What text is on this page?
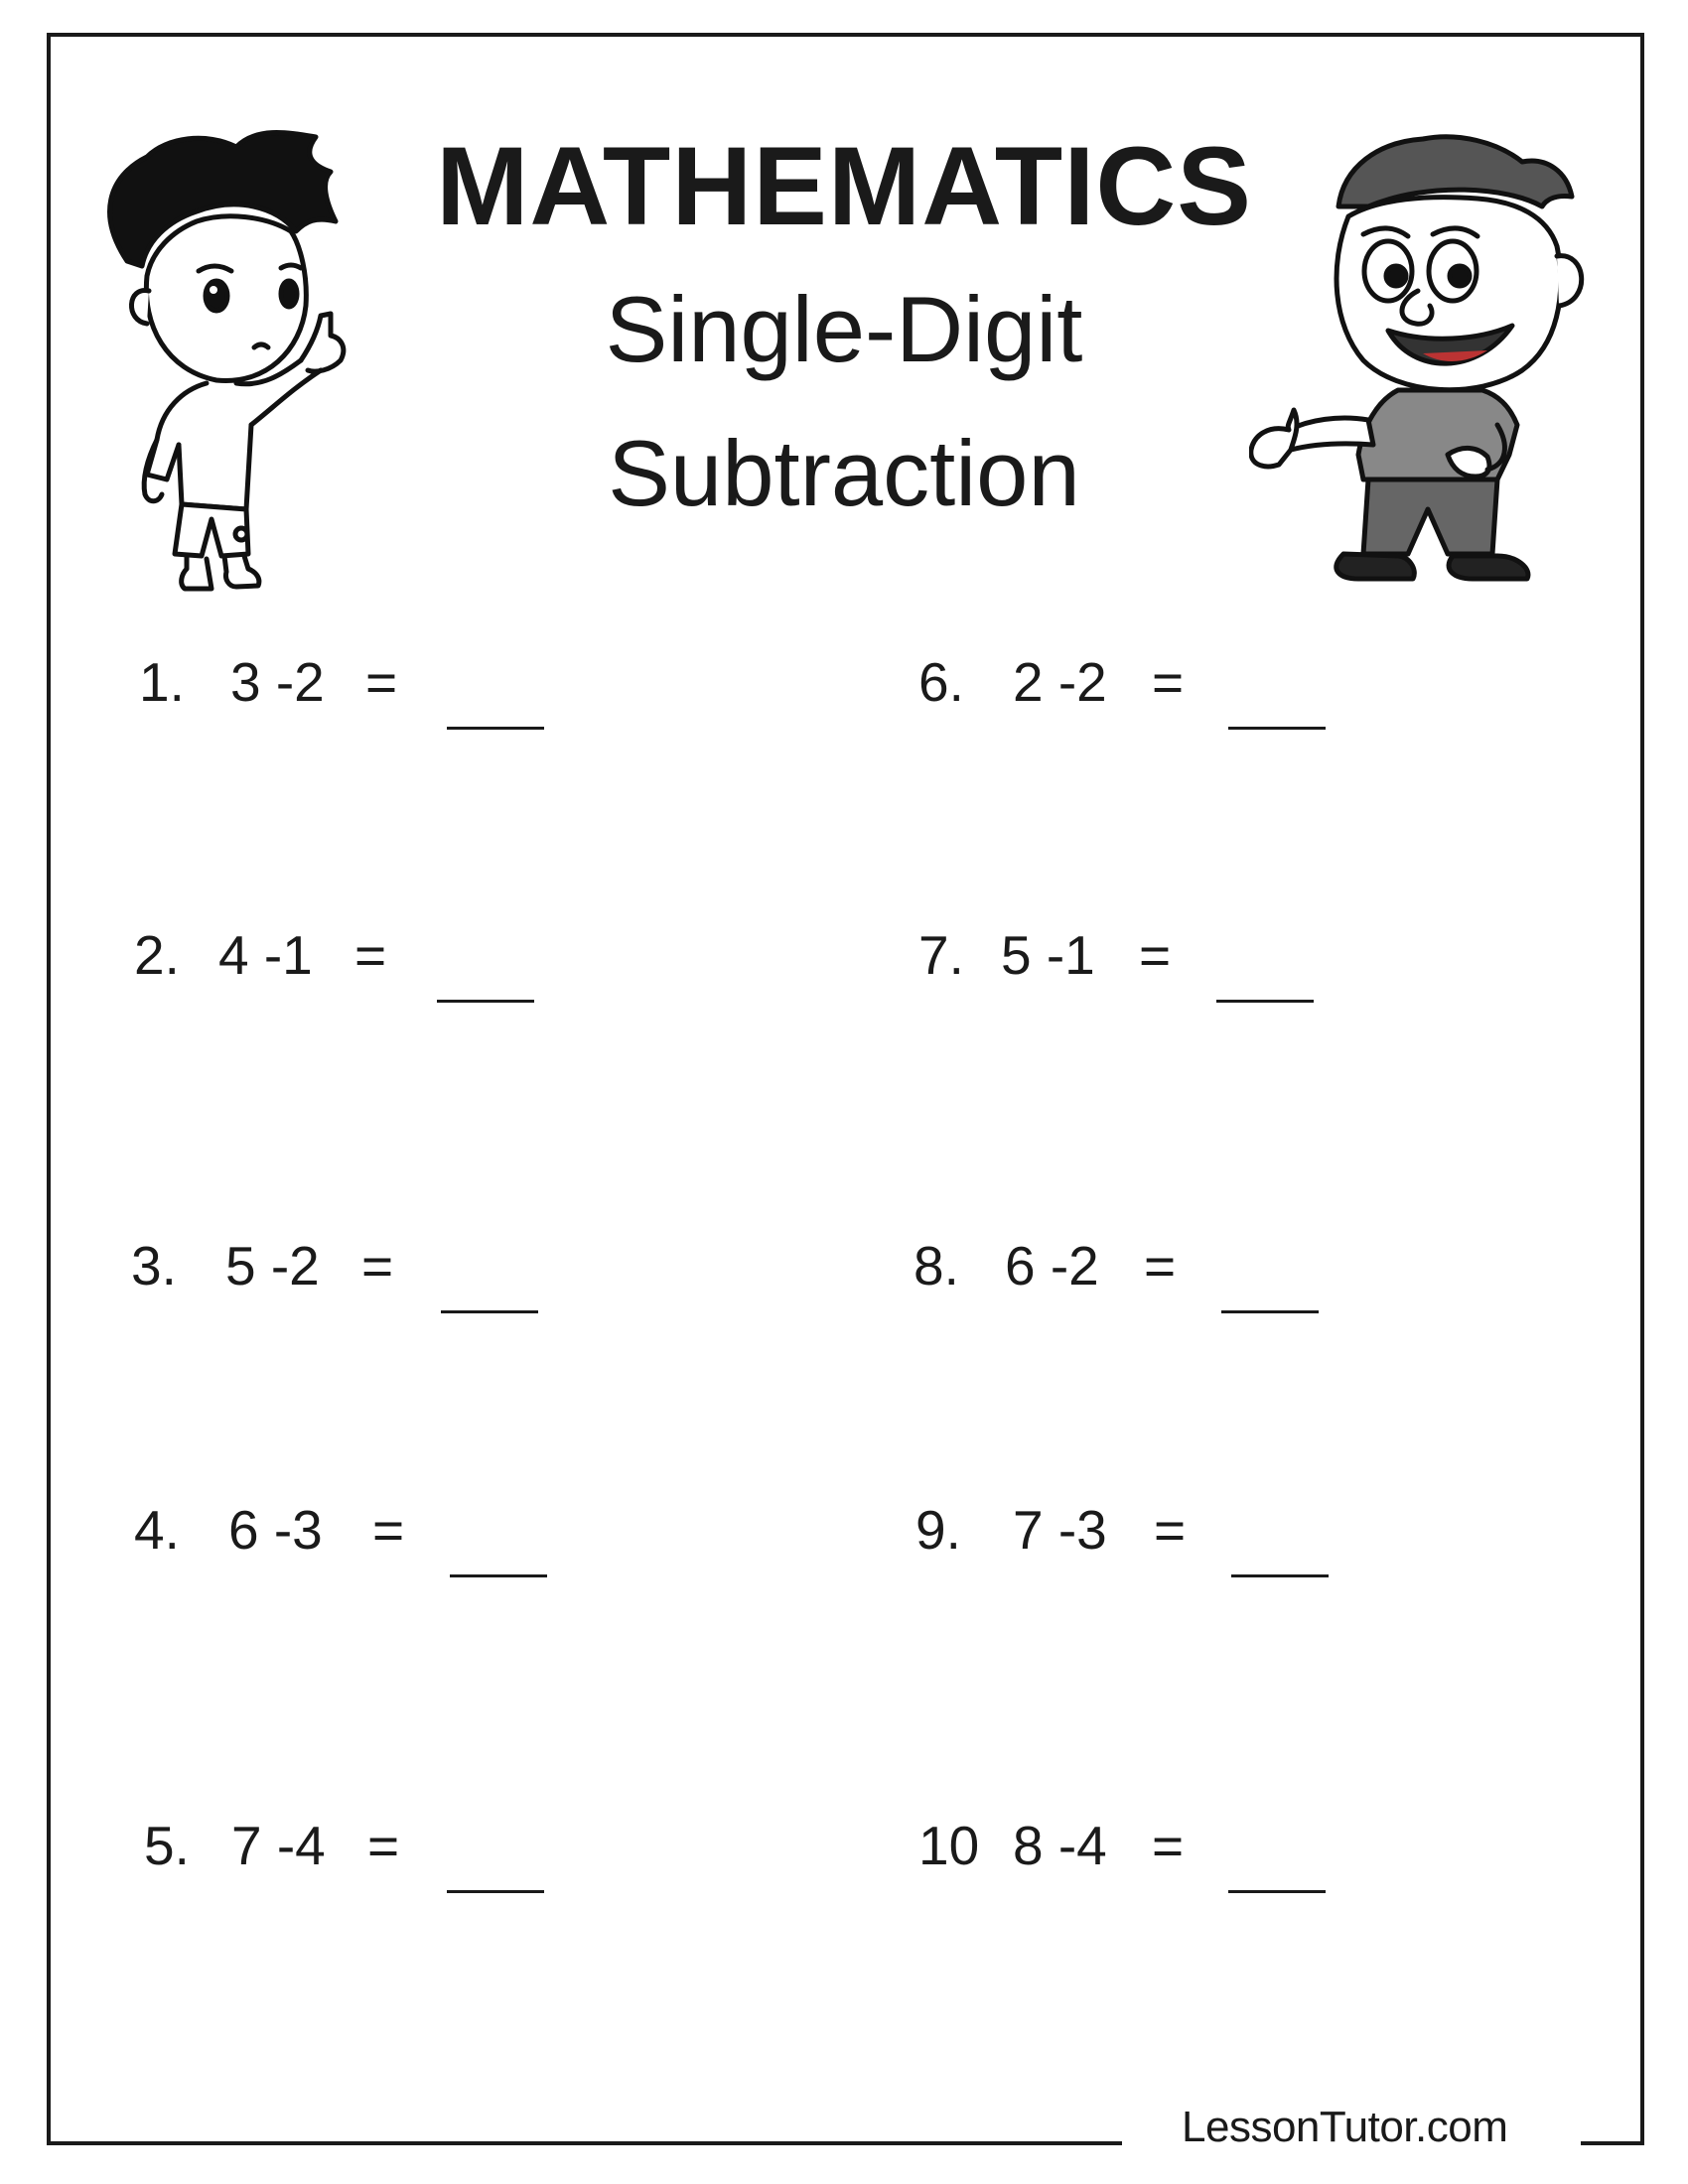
MATHEMATICS
Single-Digit
Subtraction
1. 3 -2 =
2. 4 -1 =
3. 5 -2 =
4. 6 -3 =
5. 7 -4 =
6. 2 -2 =
7. 5 -1 =
8. 6 -2 =
9. 7 -3 =
10 8 -4 =
LessonTutor.com
